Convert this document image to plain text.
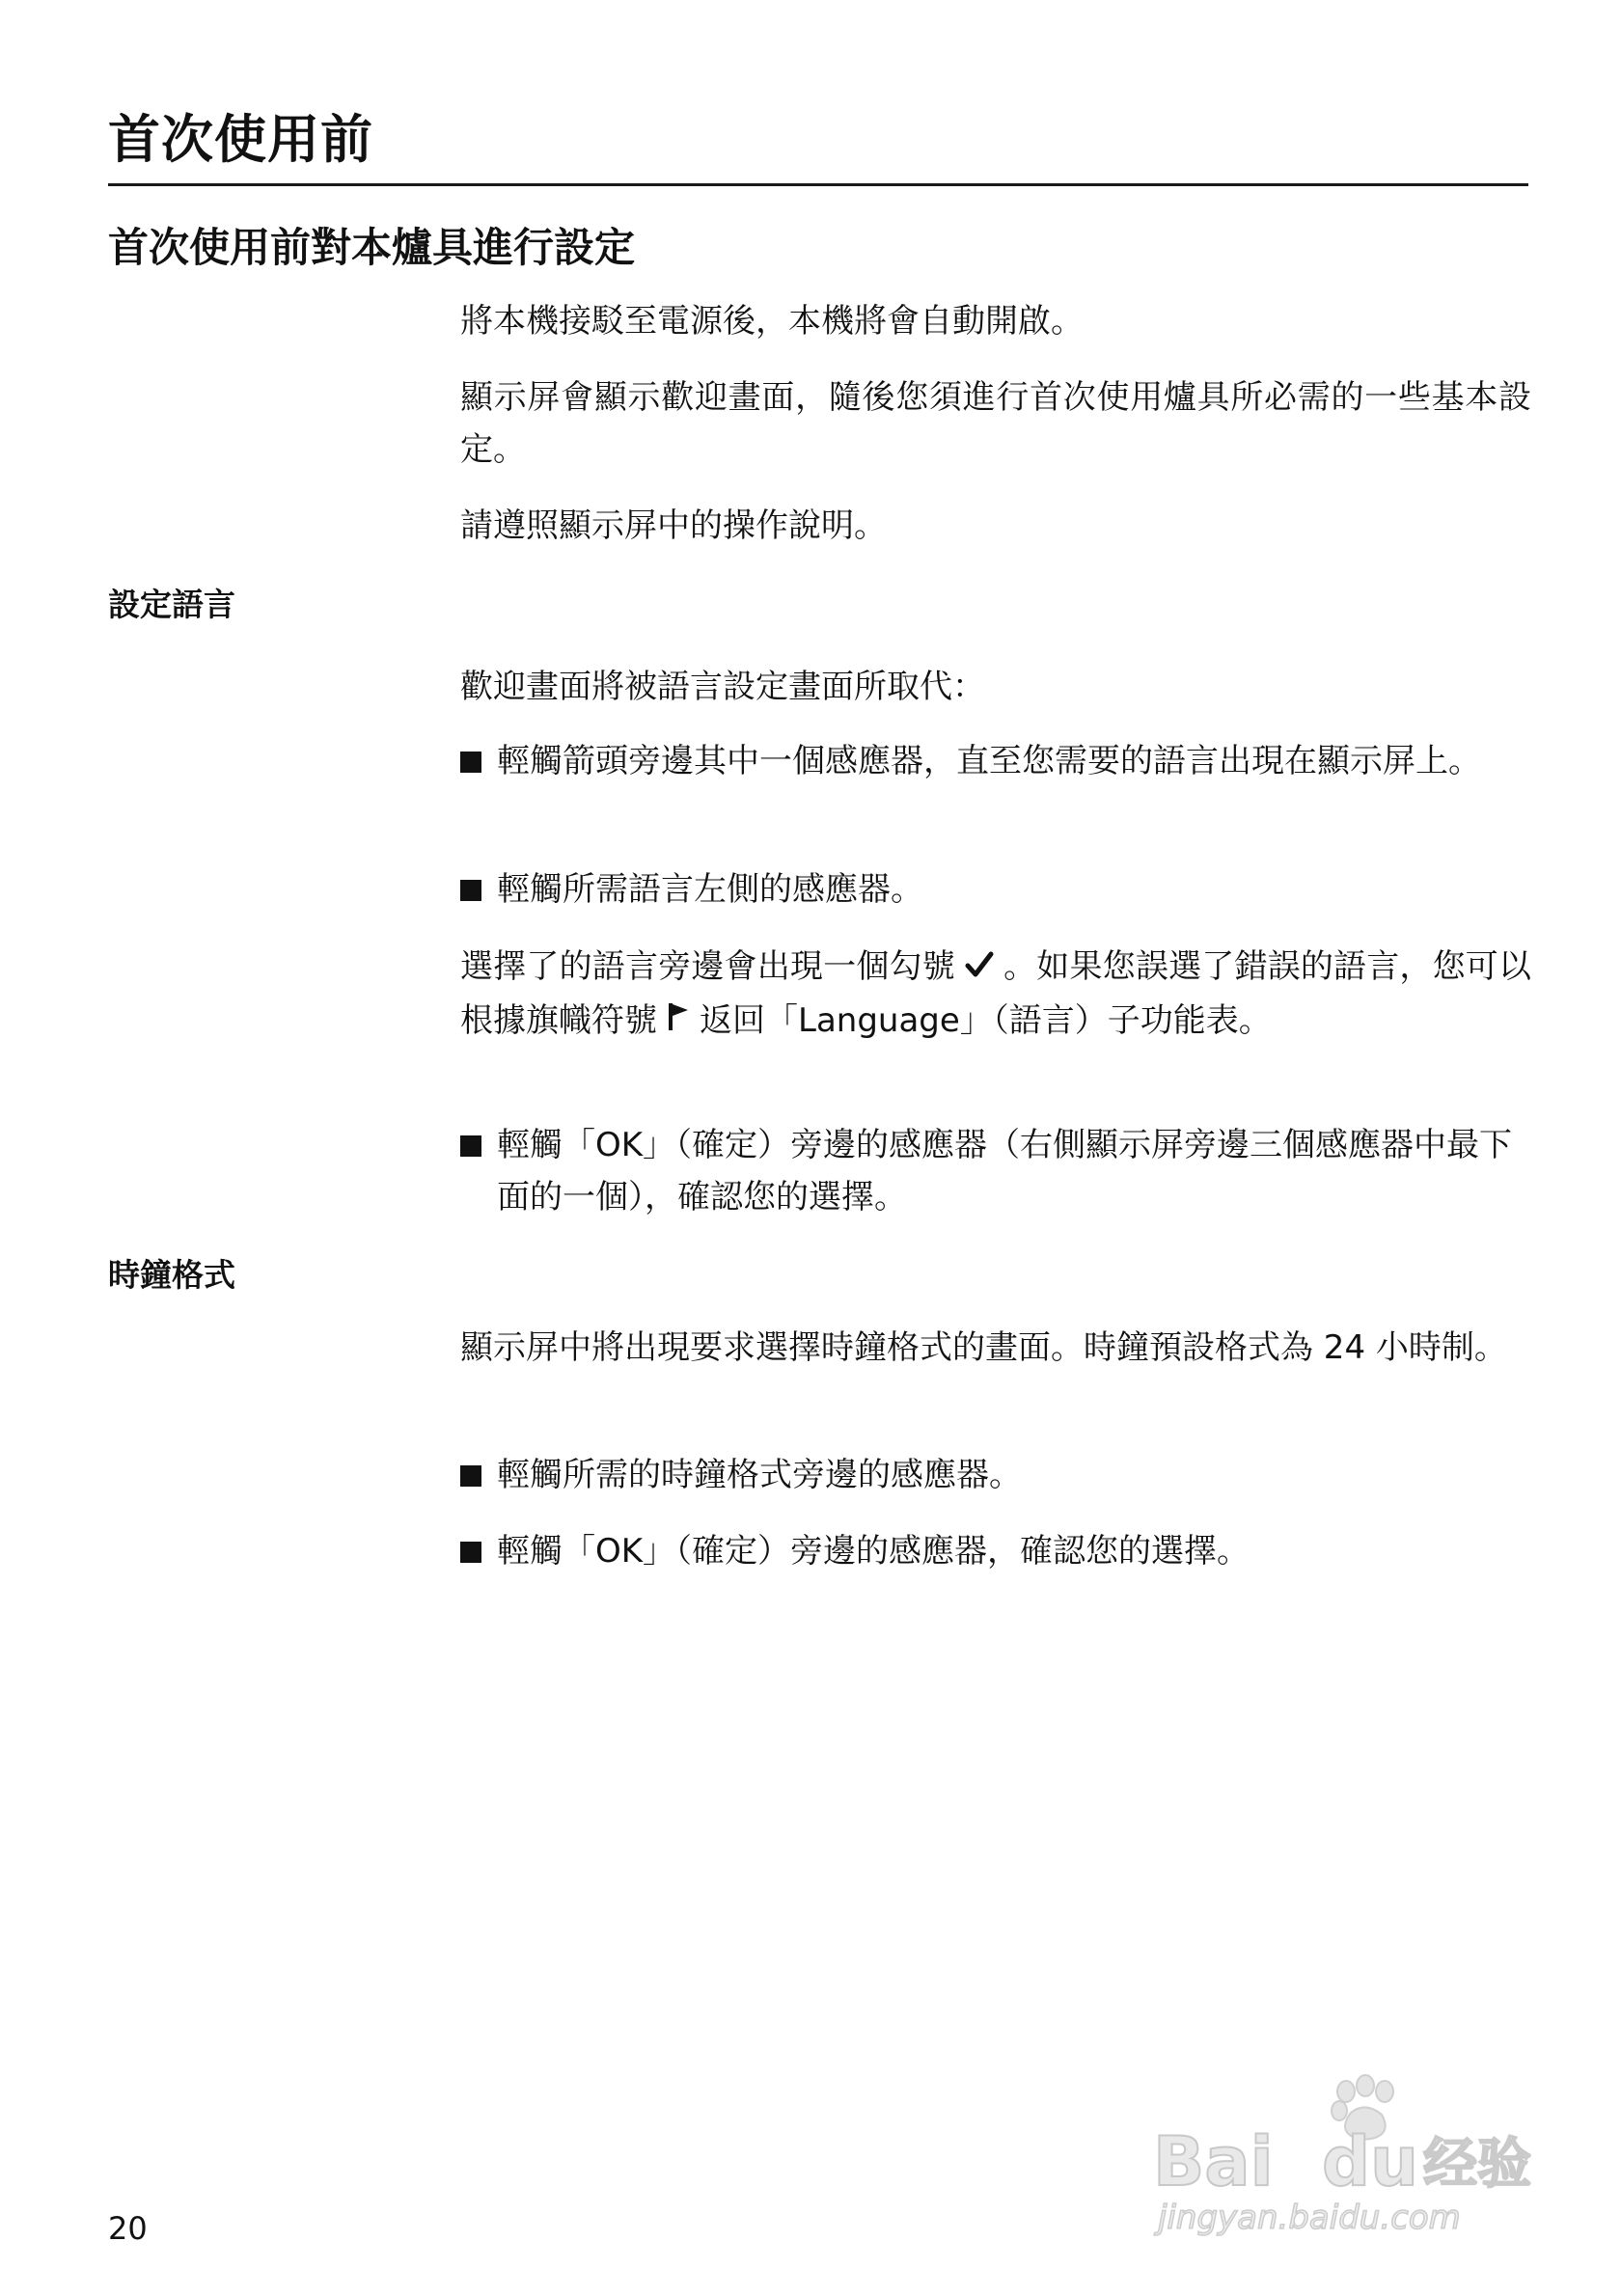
首次使用前
首次使用前對本爐具進行設定

將本機接駁至電源後，本機將會自動開啟。

顯示屏會顯示歡迎畫面，隨後您須進行首次使用爐具所必需的一些基本設定。

請遵照顯示屏中的操作說明。

設定語言

歡迎畫面將被語言設定畫面所取代：

輕觸箭頭旁邊其中一個感應器，直至您需要的語言出現在顯示屏上。
輕觸所需語言左側的感應器。

選擇了的語言旁邊會出現一個勾號 。如果您誤選了錯誤的語言，您可以根據旗幟符號 返回「Language」（語言）子功能表。

輕觸「OK」（確定）旁邊的感應器（右側顯示屏旁邊三個感應器中最下面的一個），確認您的選擇。
時鐘格式

顯示屏中將出現要求選擇時鐘格式的畫面。時鐘預設格式為 24 小時制。

輕觸所需的時鐘格式旁邊的感應器。
輕觸「OK」（確定）旁邊的感應器，確認您的選擇。
20
Bai du 经验
jingyan.baidu.com
